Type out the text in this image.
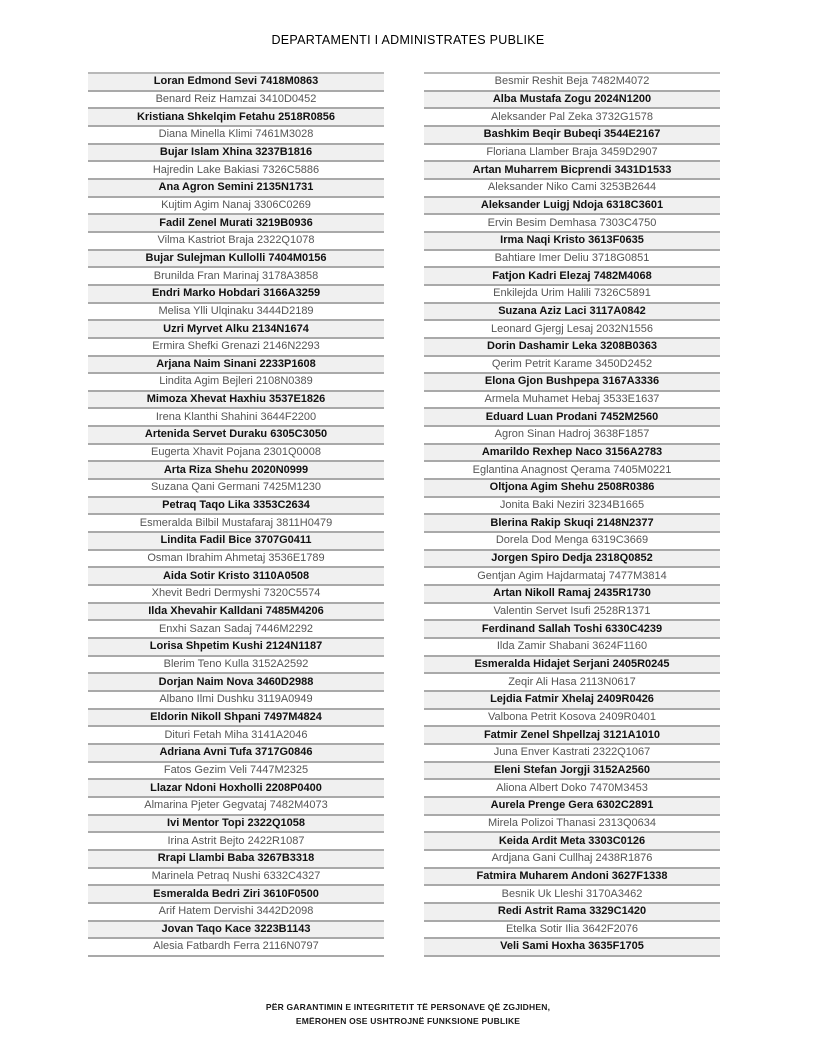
DEPARTAMENTI I ADMINISTRATES PUBLIKE
Loran Edmond Sevi 7418M0863
Benard Reiz Hamzai 3410D0452
Kristiana Shkelqim Fetahu 2518R0856
Diana Minella Klimi 7461M3028
Bujar Islam Xhina 3237B1816
Hajredin Lake Bakiasi 7326C5886
Ana Agron Semini 2135N1731
Kujtim Agim Nanaj 3306C0269
Fadil Zenel Murati 3219B0936
Vilma Kastriot Braja 2322Q1078
Bujar Sulejman Kullolli 7404M0156
Brunilda Fran Marinaj 3178A3858
Endri Marko Hobdari 3166A3259
Melisa Ylli Ulqinaku 3444D2189
Uzri Myrvet Alku 2134N1674
Ermira Shefki Grenazi 2146N2293
Arjana Naim Sinani 2233P1608
Lindita Agim Bejleri 2108N0389
Mimoza Xhevat Haxhiu 3537E1826
Irena Klanthi Shahini 3644F2200
Artenida Servet Duraku 6305C3050
Eugerta Xhavit Pojana 2301Q0008
Arta Riza Shehu 2020N0999
Suzana Qani Germani 7425M1230
Petraq Taqo Lika 3353C2634
Esmeralda Bilbil Mustafaraj 3811H0479
Lindita Fadil Bice 3707G0411
Osman Ibrahim Ahmetaj 3536E1789
Aida Sotir Kristo 3110A0508
Xhevit Bedri Dermyshi 7320C5574
Ilda Xhevahir Kalldani 7485M4206
Enxhi Sazan Sadaj 7446M2292
Lorisa Shpetim Kushi 2124N1187
Blerim Teno Kulla 3152A2592
Dorjan Naim Nova 3460D2988
Albano Ilmi Dushku 3119A0949
Eldorin Nikoll Shpani 7497M4824
Dituri Fetah Miha 3141A2046
Adriana Avni Tufa 3717G0846
Fatos Gezim Veli 7447M2325
Llazar Ndoni Hoxholli 2208P0400
Almarina Pjeter Gegvataj 7482M4073
Ivi Mentor Topi 2322Q1058
Irina Astrit Bejto 2422R1087
Rrapi Llambi Baba 3267B3318
Marinela Petraq Nushi 6332C4327
Esmeralda Bedri Ziri 3610F0500
Arif Hatem Dervishi 3442D2098
Jovan Taqo Kace 3223B1143
Alesia Fatbardh Ferra 2116N0797
Besmir Reshit Beja 7482M4072
Alba Mustafa Zogu 2024N1200
Aleksander Pal Zeka 3732G1578
Bashkim Beqir Bubeqi 3544E2167
Floriana Llamber Braja 3459D2907
Artan Muharrem Bicprendi 3431D1533
Aleksander Niko Cami 3253B2644
Aleksander Luigj Ndoja 6318C3601
Ervin Besim Demhasa 7303C4750
Irma Naqi Kristo 3613F0635
Bahtiare Imer Deliu 3718G0851
Fatjon Kadri Elezaj 7482M4068
Enkilejda Urim Halili 7326C5891
Suzana Aziz Laci 3117A0842
Leonard Gjergj Lesaj 2032N1556
Dorin Dashamir Leka 3208B0363
Qerim Petrit Karame 3450D2452
Elona Gjon Bushpepa 3167A3336
Armela Muhamet Hebaj 3533E1637
Eduard Luan Prodani 7452M2560
Agron Sinan Hadroj 3638F1857
Amarildo Rexhep Naco 3156A2783
Eglantina Anagnost Qerama 7405M0221
Oltjona Agim Shehu 2508R0386
Jonita Baki Neziri 3234B1665
Blerina Rakip Skuqi 2148N2377
Dorela Dod Menga 6319C3669
Jorgen Spiro Dedja 2318Q0852
Gentjan Agim Hajdarmataj 7477M3814
Artan Nikoll Ramaj 2435R1730
Valentin Servet Isufi 2528R1371
Ferdinand Sallah Toshi 6330C4239
Ilda Zamir Shabani 3624F1160
Esmeralda Hidajet Serjani 2405R0245
Zeqir Ali Hasa 2113N0617
Lejdia Fatmir Xhelaj 2409R0426
Valbona Petrit Kosova 2409R0401
Fatmir Zenel Shpellzaj 3121A1010
Juna Enver Kastrati 2322Q1067
Eleni Stefan Jorgji 3152A2560
Aliona Albert Doko 7470M3453
Aurela Prenge Gera 6302C2891
Mirela Polizoi Thanasi 2313Q0634
Keida Ardit Meta 3303C0126
Ardjana Gani Cullhaj 2438R1876
Fatmira Muharem Andoni 3627F1338
Besnik Uk Lleshi 3170A3462
Redi Astrit Rama 3329C1420
Etelka Sotir Ilia 3642F2076
Veli Sami Hoxha 3635F1705
PËR GARANTIMIN E INTEGRITETIT TË PERSONAVE QË ZGJIDHEN,
EMËROHEN OSE USHTROJNË FUNKSIONE PUBLIKE
